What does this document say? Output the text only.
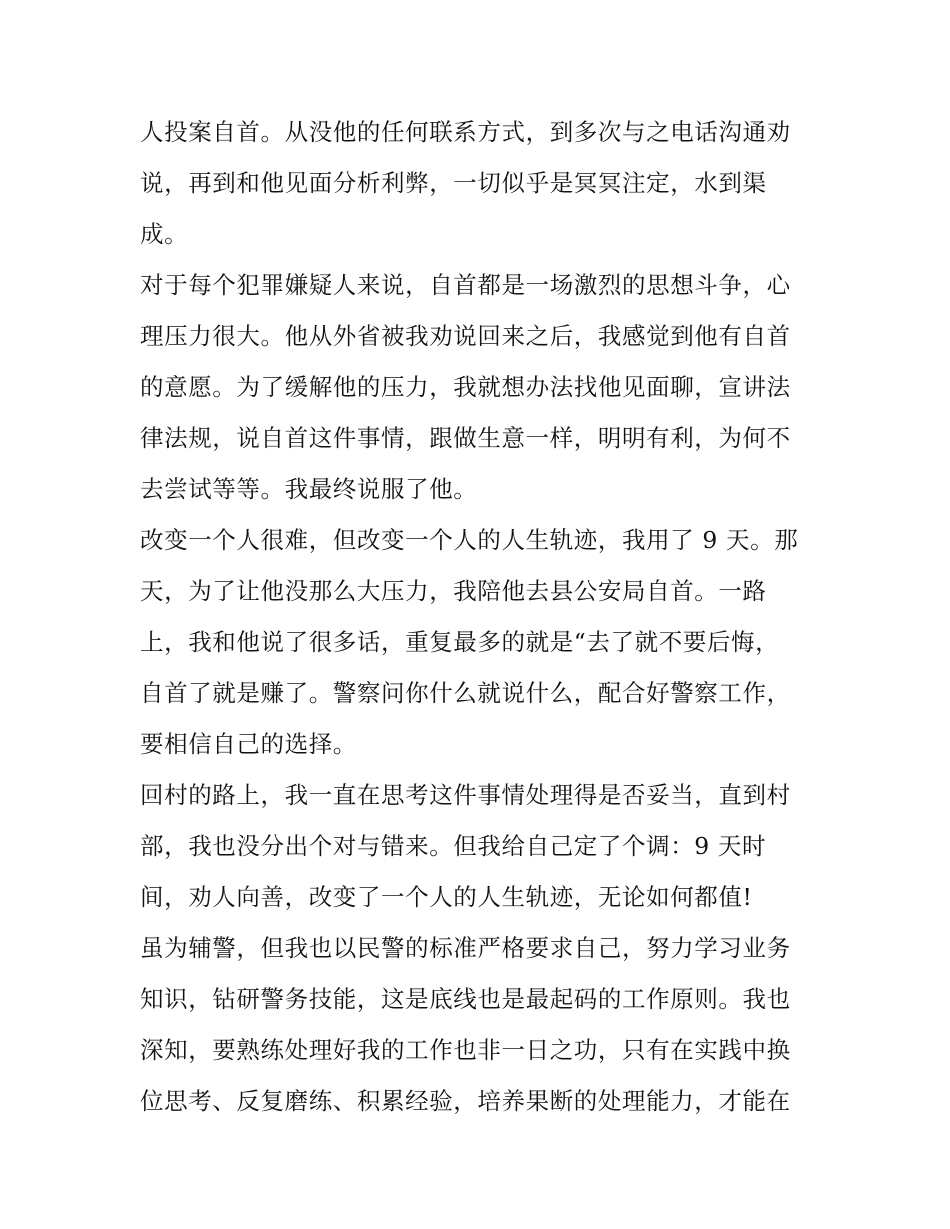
人投案自首。从没他的任何联系方式，到多次与之电话沟通劝
说，再到和他见面分析利弊，一切似乎是冥冥注定，水到渠
成。
对于每个犯罪嫌疑人来说，自首都是一场激烈的思想斗争，心
理压力很大。他从外省被我劝说回来之后，我感觉到他有自首
的意愿。为了缓解他的压力，我就想办法找他见面聊，宣讲法
律法规，说自首这件事情，跟做生意一样，明明有利，为何不
去尝试等等。我最终说服了他。
改变一个人很难，但改变一个人的人生轨迹，我用了 9 天。那
天，为了让他没那么大压力，我陪他去县公安局自首。一路
上，我和他说了很多话，重复最多的就是“去了就不要后悔，
自首了就是赚了。警察问你什么就说什么，配合好警察工作，
要相信自己的选择。
回村的路上，我一直在思考这件事情处理得是否妥当，直到村
部，我也没分出个对与错来。但我给自己定了个调：9 天时
间，劝人向善，改变了一个人的人生轨迹，无论如何都值!
虽为辅警，但我也以民警的标准严格要求自己，努力学习业务
知识，钻研警务技能，这是底线也是最起码的工作原则。我也
深知，要熟练处理好我的工作也非一日之功，只有在实践中换
位思考、反复磨练、积累经验，培养果断的处理能力，才能在
